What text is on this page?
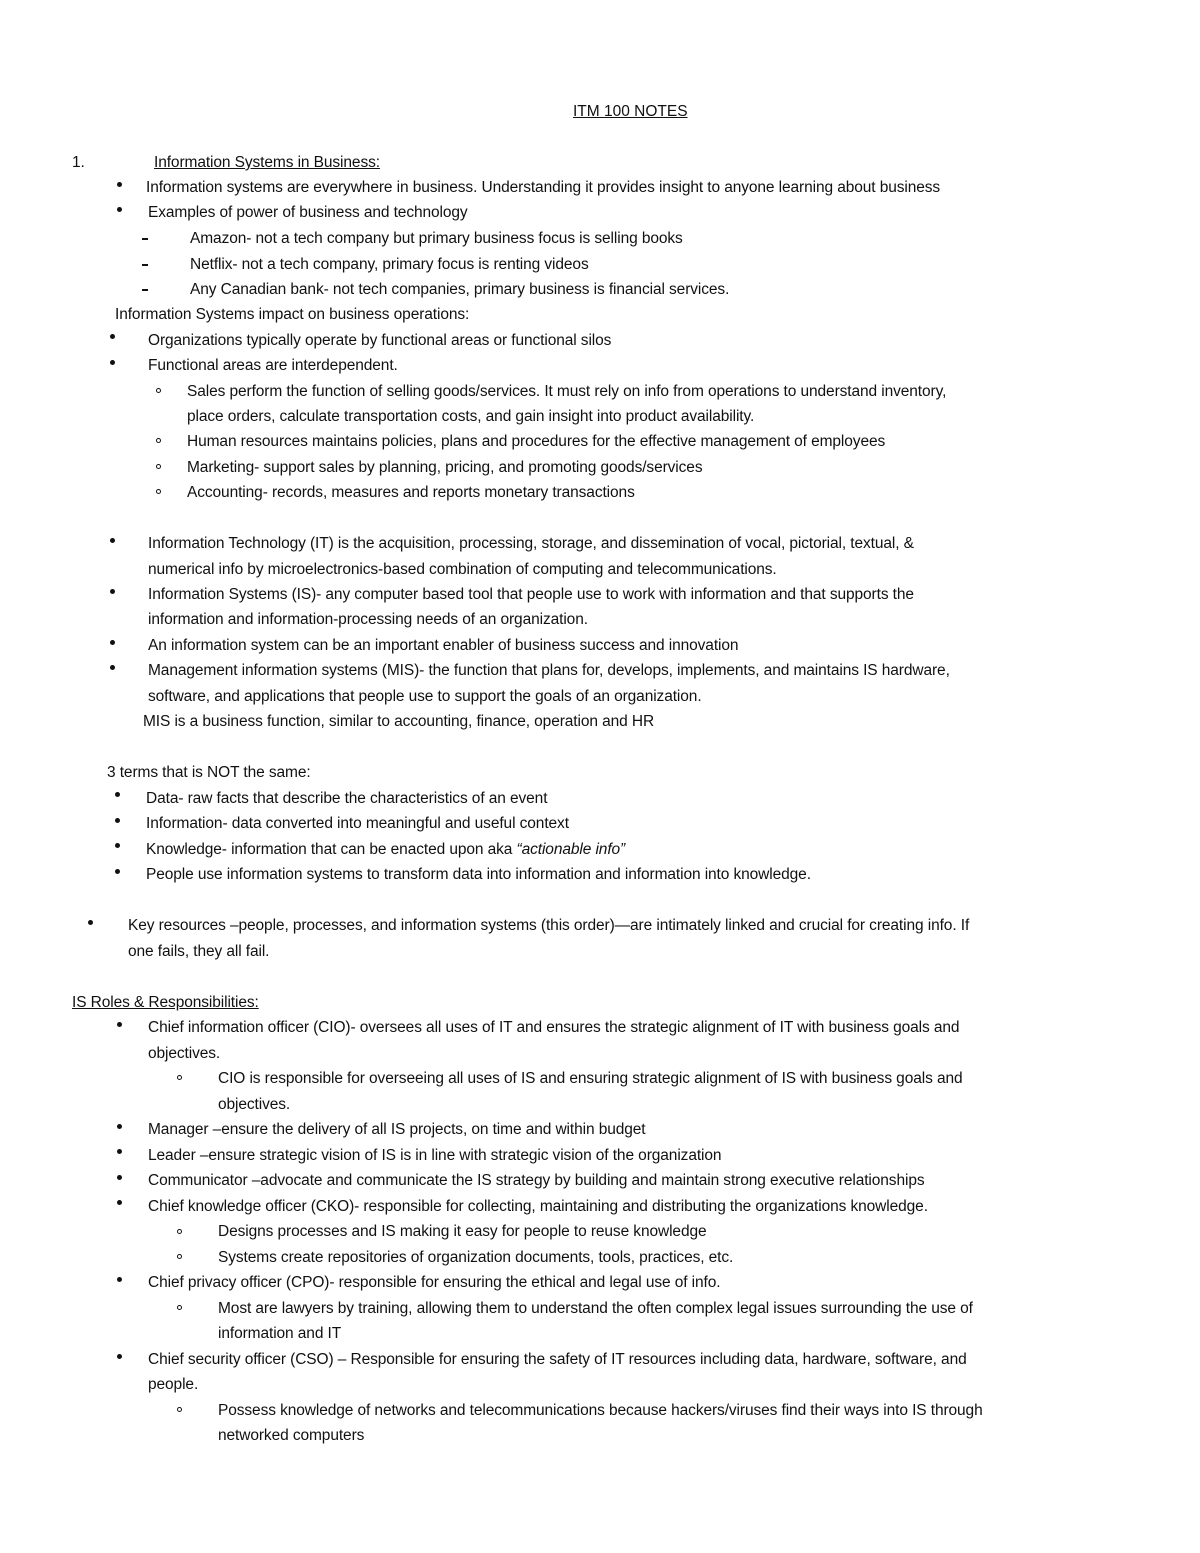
ITM 100 NOTES
1.	Information Systems in Business:
Information systems are everywhere in business. Understanding it provides insight to anyone learning about business
Examples of power of business and technology
Amazon- not a tech company but primary business focus is selling books
Netflix- not a tech company, primary focus is renting videos
Any Canadian bank- not tech companies, primary business is financial services.
Information Systems impact on business operations:
Organizations typically operate by functional areas or functional silos
Functional areas are interdependent.
Sales perform the function of selling goods/services. It must rely on info from operations to understand inventory,
place orders, calculate transportation costs, and gain insight into product availability.
Human resources maintains policies, plans and procedures for the effective management of employees
Marketing- support sales by planning, pricing, and promoting goods/services
Accounting- records, measures and reports monetary transactions
Information Technology (IT) is the acquisition, processing, storage, and dissemination of vocal, pictorial, textual, &
numerical info by microelectronics-based combination of computing and telecommunications.
Information Systems (IS)- any computer based tool that people use to work with information and that supports the
information and information-processing needs of an organization.
An information system can be an important enabler of business success and innovation
Management information systems (MIS)- the function that plans for, develops, implements, and maintains IS hardware,
software, and applications that people use to support the goals of an organization.
MIS is a business function, similar to accounting, finance, operation and HR
3 terms that is NOT the same:
Data- raw facts that describe the characteristics of an event
Information- data converted into meaningful and useful context
Knowledge- information that can be enacted upon aka “actionable info”
People use information systems to transform data into information and information into knowledge.
Key resources –people, processes, and information systems (this order)—are intimately linked and crucial for creating info. If
one fails, they all fail.
IS Roles & Responsibilities:
Chief information officer (CIO)- oversees all uses of IT and ensures the strategic alignment of IT with business goals and
objectives.
CIO is responsible for overseeing all uses of IS and ensuring strategic alignment of IS with business goals and
objectives.
Manager –ensure the delivery of all IS projects, on time and within budget
Leader –ensure strategic vision of IS is in line with strategic vision of the organization
Communicator –advocate and communicate the IS strategy by building and maintain strong executive relationships
Chief knowledge officer (CKO)- responsible for collecting, maintaining and distributing the organizations knowledge.
Designs processes and IS making it easy for people to reuse knowledge
Systems create repositories of organization documents, tools, practices, etc.
Chief privacy officer (CPO)- responsible for ensuring the ethical and legal use of info.
Most are lawyers by training, allowing them to understand the often complex legal issues surrounding the use of
information and IT
Chief security officer (CSO) – Responsible for ensuring the safety of IT resources including data, hardware, software, and
people.
Possess knowledge of networks and telecommunications because hackers/viruses find their ways into IS through
networked computers
